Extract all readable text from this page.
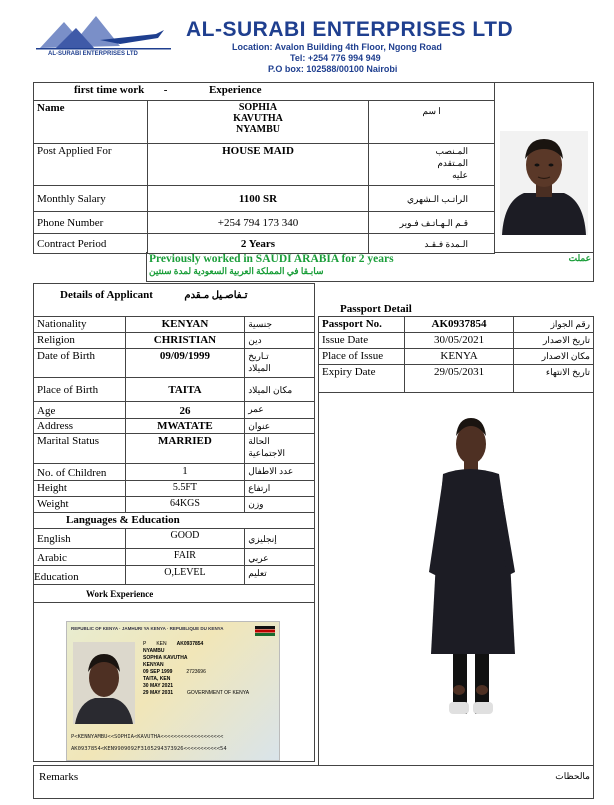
AL-SURABI ENTERPRISES LTD
AL-SURABI ENTERPRISES LTD
Location: Avalon Building 4th Floor, Ngong Road
Tel: +254 776 994 949
P.O box: 102588/00100 Nairobi
first time work - Experience		
Name	SOPHIA
KAVUTHA
NYAMBU	ا سم
Post Applied For	HOUSE MAID	المـنصب
المـتقدم
عليه
Monthly Salary	1100 SR	الراتـب الـشهري
Phone Number	+254 794 173 340	قـم الـهـاتـف فـوير
Contract Period	2 Years	الـمدة فـقـد
Previously worked in SAUDI ARABIA for 2 years
سابـقا في المملكة العربية السعودية لمدة سنتين
عملت
Details of Applicant تـفاصـيل مـقدم		
Nationality	KENYAN	جنسية
Religion	CHRISTIAN	دين
Date of Birth	09/09/1999	تـاريخ
الميلاد
Place of Birth	TAITA	مكان الميلاد
Age	26	عمر
Address	MWATATE	عنوان
Marital Status	MARRIED	الحالة
الاجتماعية
No. of Children	1	عدد الاطفال
Height	5.5FT	ارتفاع
Weight	64KGS	وزن
Languages & Education		
English	GOOD	إنجليزي
Arabic	FAIR	عربي
Education	O,LEVEL	تعليم
Work Experience		

REPUBLIC OF KENYA · JAMHURI YA KENYA · REPUBLIQUE DU KENYA
P KEN AK0937854
NYAMBU
SOPHIA KAVUTHA
KENYAN
09 SEP 1999	2723696
TAITA, KEN
30 MAY 2021
29 MAY 2031	GOVERNMENT OF KENYA
P<KENNYAMBU<<SOPHIA<KAVUTHA<<<<<<<<<<<<<<<<<<<
AK0937854<KEN9909092F3105294373926<<<<<<<<<<<54
Passport Detail
Passport No.	AK0937854	رقم الجواز
Issue Date	30/05/2021	تاريخ الاصدار
Place of Issue	KENYA	مكان الاصدار
Expiry Date	29/05/2031	تاريخ الانتهاء
Remarks	مالحظات
